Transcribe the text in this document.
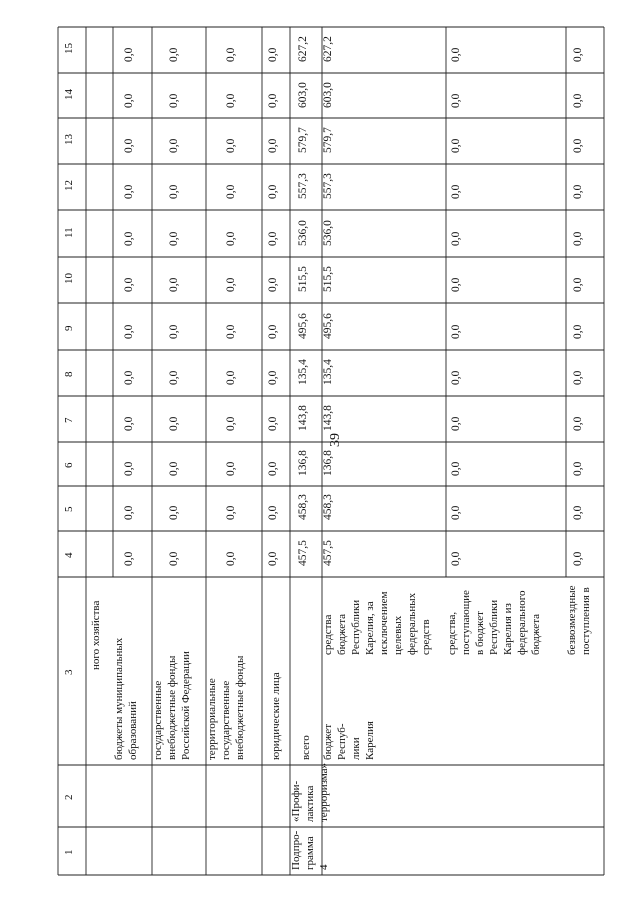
39
1
2
3
4
5
6
7
8
9
10
11
12
13
14
15
ного хозяйства
бюджеты муниципальных образований государственные внебюджетные фонды Российской Федерации территориальные государственные внебюджетные фонды юридические лица всего
средства бюджета Республики Карелия, за исключением целевых федеральных средств средства, поступающие в бюджет Республики Карелия из федерального бюджета безвозмездные поступления в
бюджет Респуб- лики Карелия
Подпро- грамма 4
«Профи- лактика терроризма»
0,0
0,0
0,0
0,0
0,0
0,0
0,0
0,0
0,0
0,0
0,0
0,0
0,0
0,0
0,0
0,0
0,0
0,0
0,0
0,0
0,0
0,0
0,0
0,0
0,0
0,0
0,0
0,0
0,0
0,0
0,0
0,0
0,0
0,0
0,0
0,0
0,0
0,0
0,0
0,0
0,0
0,0
0,0
0,0
0,0
0,0
0,0
0,0
457,5
458,3
136,8
143,8
135,4
495,6
515,5
536,0
557,3
579,7
603,0
627,2
457,5
458,3
136,8
143,8
135,4
495,6
515,5
536,0
557,3
579,7
603,0
627,2
0,0
0,0
0,0
0,0
0,0
0,0
0,0
0,0
0,0
0,0
0,0
0,0
0,0
0,0
0,0
0,0
0,0
0,0
0,0
0,0
0,0
0,0
0,0
0,0
